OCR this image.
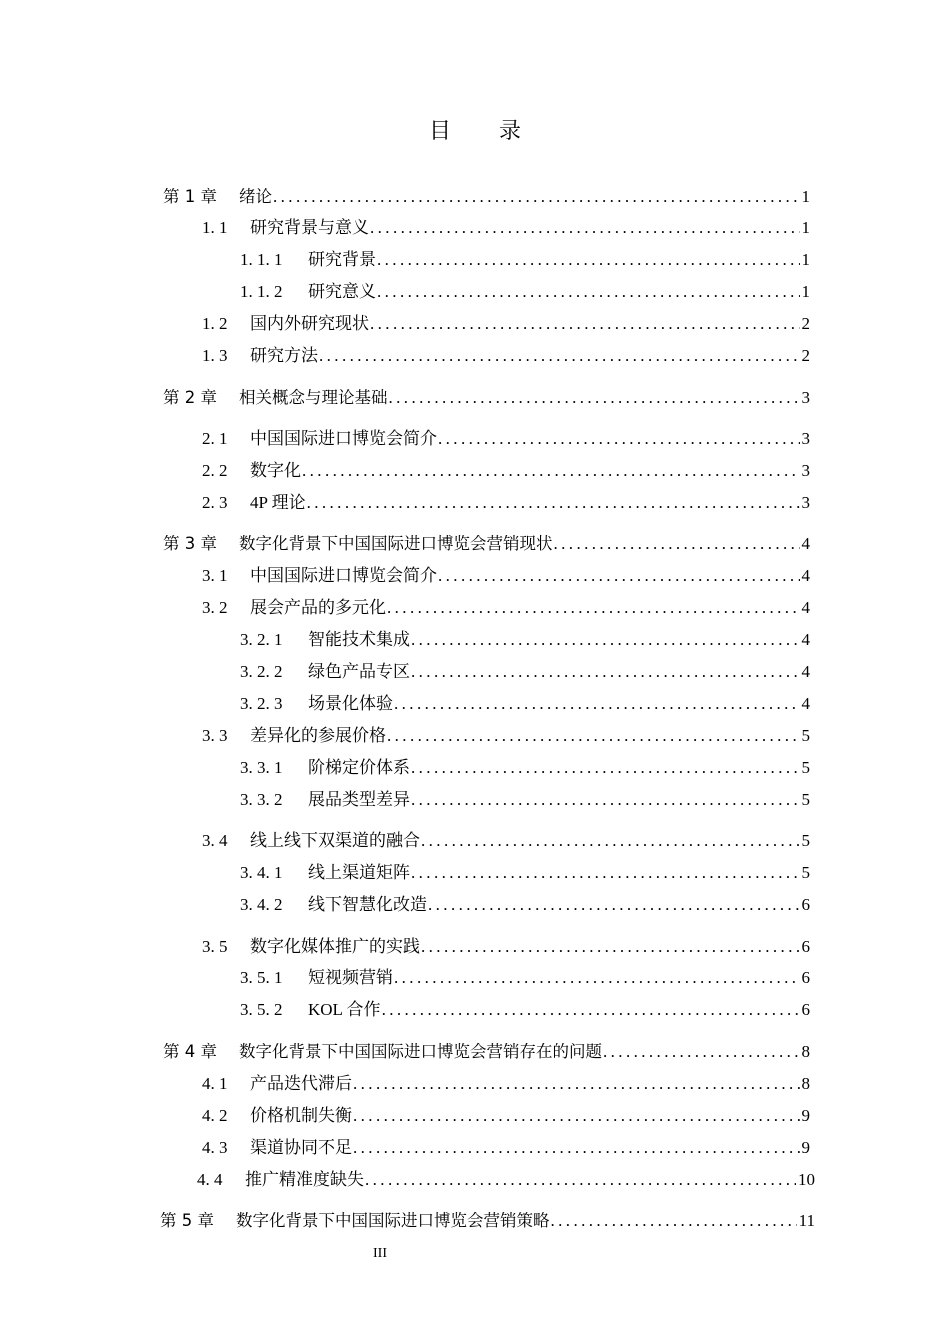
目 录
第 1 章	绪论 .....	1
1. 1	研究背景与意义 .....	1
1. 1. 1	研究背景 .....	1
1. 1. 2	研究意义 .....	1
1. 2	国内外研究现状 .....	2
1. 3	研究方法 .....	2
第 2 章	相关概念与理论基础 .....	3
2. 1	中国国际进口博览会简介 .....	3
2. 2	数字化 .....	3
2. 3	4P 理论 .....	3
第 3 章	数字化背景下中国国际进口博览会营销现状 .....	4
3. 1	中国国际进口博览会简介 .....	4
3. 2	展会产品的多元化 .....	4
3. 2. 1	智能技术集成 .....	4
3. 2. 2	绿色产品专区 .....	4
3. 2. 3	场景化体验 .....	4
3. 3	差异化的参展价格 .....	5
3. 3. 1	阶梯定价体系 .....	5
3. 3. 2	展品类型差异 .....	5
3. 4	线上线下双渠道的融合 .....	5
3. 4. 1	线上渠道矩阵 .....	5
3. 4. 2	线下智慧化改造 .....	6
3. 5	数字化媒体推广的实践 .....	6
3. 5. 1	短视频营销 .....	6
3. 5. 2	KOL 合作 .....	6
第 4 章	数字化背景下中国国际进口博览会营销存在的问题 .....	8
4. 1	产品迭代滞后 .....	8
4. 2	价格机制失衡 .....	9
4. 3	渠道协同不足 .....	9
4. 4	推广精准度缺失 .....	10
第 5 章	数字化背景下中国国际进口博览会营销策略 .....	11
III
